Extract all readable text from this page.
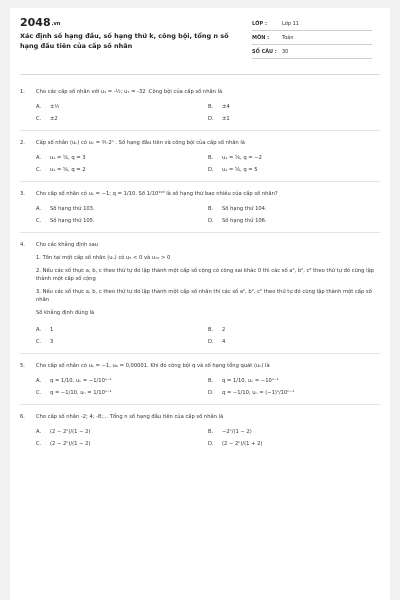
2048.vn
Xác định số hạng đầu, số hạng thứ k, công bội, tổng n số hạng đầu tiên của cấp số nhân
LỚP :	Lớp 11
MÔN :	Toán
SỐ CÂU :	30
1.	Cho các cấp số nhân với u₁ = -½; u₇ = -32 .Công bội của cấp số nhân là
A.	±½	B.	±4
C.	±2	D.	±1
2.	Cấp số nhân (uₙ) có uₙ = ⅗·2ⁿ . Số hạng đầu tiên và công bội của cấp số nhân là
A.	u₁ = ⅚, q = 3	B.	u₁ = ⅚, q = −2
C.	u₁ = ⅚, q = 2	D.	u₁ = ⅚, q = 5
3.	Cho cấp số nhân có u₁ = −1; q = 1/10. Số 1/10¹⁰³ là số hạng thứ bao nhiêu của cấp số nhân?
A.	Số hạng thứ 103.	B.	Số hạng thứ 104.
C.	Số hạng thứ 105.	D.	Số hạng thứ 106.
4.	Cho các khẳng định sau
1. Tồn tại một cấp số nhân (uₙ) có u₅ < 0 và u₇₀ > 0
2. Nếu các số thực a, b, c theo thứ tự đó lập thành một cấp số cộng có công sai khác 0 thì các số a², b², c² theo thứ tự đó cũng lập thành một cấp số cộng
3. Nếu các số thực a, b, c theo thứ tự đó lập thành một cấp số nhân thì các số a², b², c² theo thứ tự đó cũng lập thành một cấp số nhân
Số khẳng định đúng là
A.	1	B.	2
C.	3	D.	4
5.	Cho cấp số nhân có u₁ = −1, u₆ = 0,00001. Khi đó công bội q và số hạng tổng quát (uₙ) là
A.	q = 1/10, uₙ = −1/10ⁿ⁻¹	B.	q = 1/10, uₙ = −10ⁿ⁻¹
C.	q = −1/10, uₙ = 1/10ⁿ⁻¹	D.	q = −1/10, uₙ = (−1)ⁿ/10ⁿ⁻¹
6.	Cho cấp số nhân -2; 4; -8;... Tổng n số hạng đầu tiên của cấp số nhân là
A.	(2 − 2ⁿ)/(1 − 2)	B.	−2ⁿ/(1 − 2)
C.	(2 − 2ⁿ)/(1 − 2)	D.	(2 − 2ⁿ)/(1 + 2)
